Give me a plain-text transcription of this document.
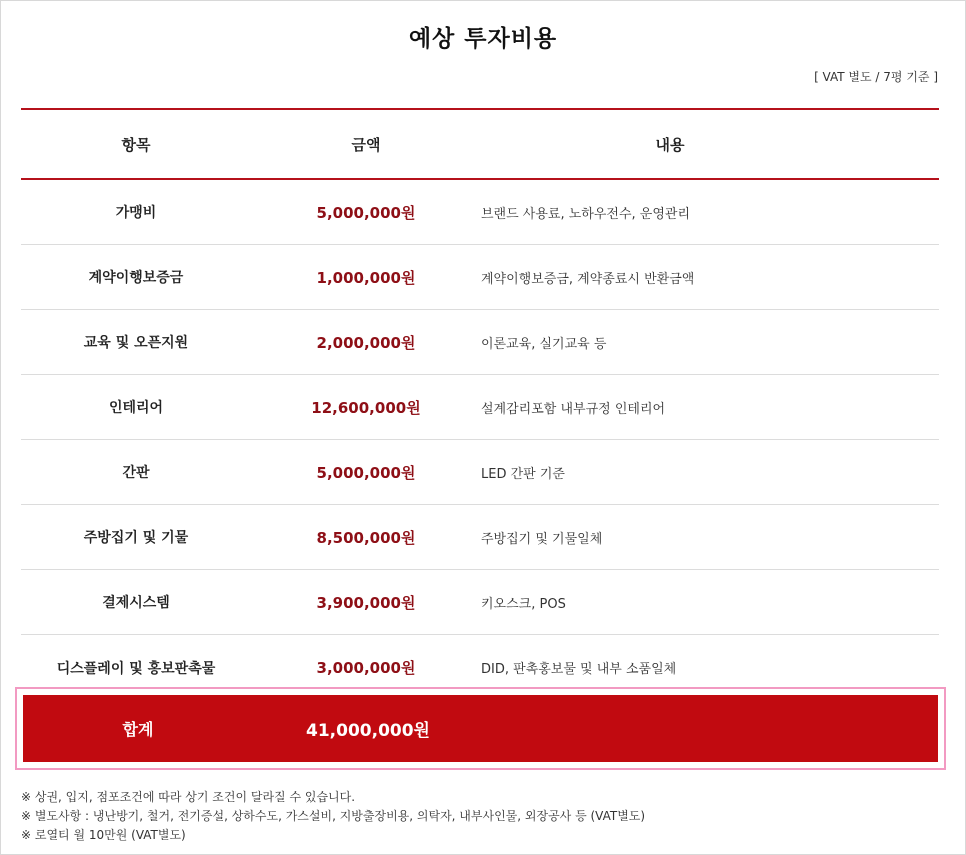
예상 투자비용
[ VAT 별도 / 7평 기준 ]
항목	금액	내용
가맹비	5,000,000원	브랜드 사용료, 노하우전수, 운영관리
계약이행보증금	1,000,000원	계약이행보증금, 계약종료시 반환금액
교육 및 오픈지원	2,000,000원	이론교육, 실기교육 등
인테리어	12,600,000원	설계감리포함 내부규정 인테리어
간판	5,000,000원	LED 간판 기준
주방집기 및 기물	8,500,000원	주방집기 및 기물일체
결제시스템	3,900,000원	키오스크, POS
디스플레이 및 홍보판촉물	3,000,000원	DID, 판촉홍보물 및 내부 소품일체
합계	41,000,000원
※ 상권, 입지, 점포조건에 따라 상기 조건이 달라질 수 있습니다.
※ 별도사항 : 냉난방기, 철거, 전기증설, 상하수도, 가스설비, 지방출장비용, 의탁자, 내부사인물, 외장공사 등 (VAT별도)
※ 로열티 월 10만원 (VAT별도)
